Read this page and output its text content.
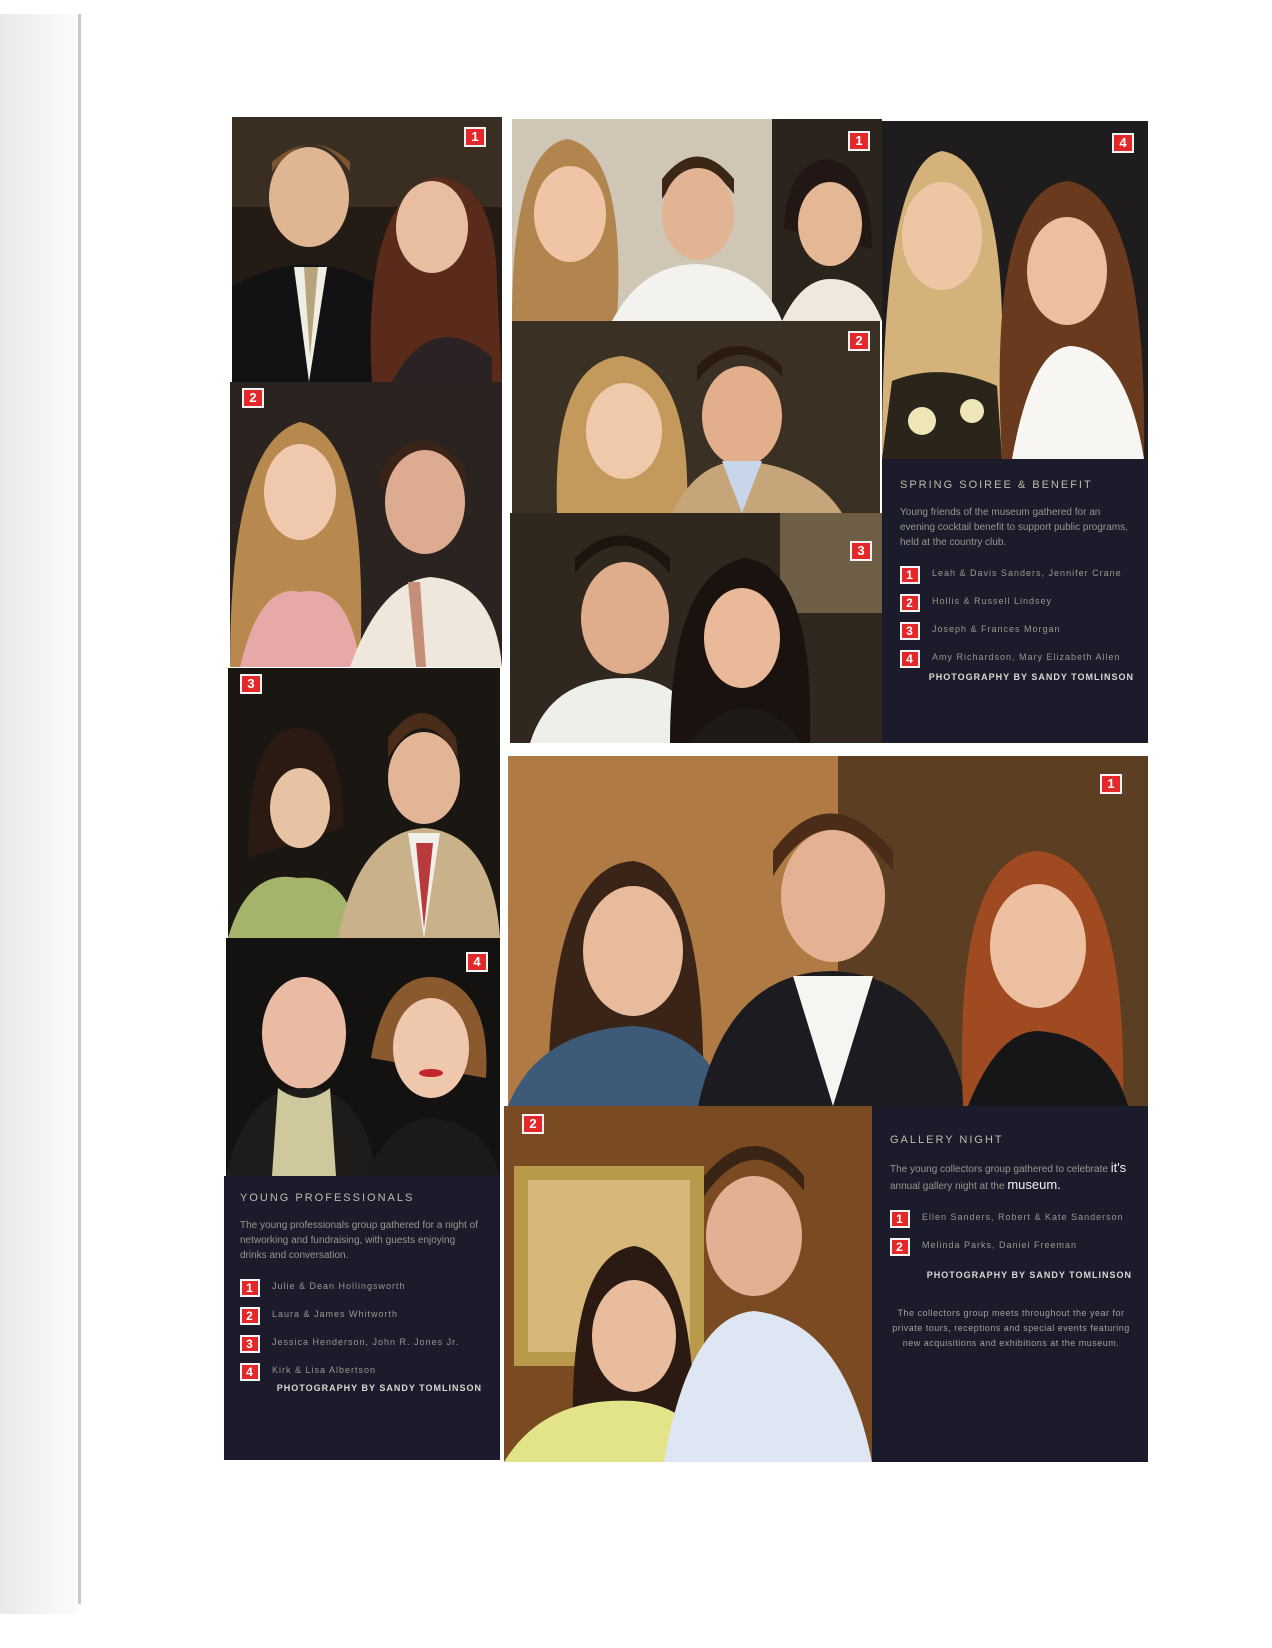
1
2
3
4
YOUNG PROFESSIONALS
The young professionals group gathered for a night of networking and fundraising, with guests enjoying drinks and conversation.
1	Julie & Dean Hollingsworth
2	Laura & James Whitworth
3	Jessica Henderson, John R. Jones Jr.
4	Kirk & Lisa Albertson
PHOTOGRAPHY BY SANDY TOMLINSON
1
2
3
4
SPRING SOIREE & BENEFIT
Young friends of the museum gathered for an evening cocktail benefit to support public programs, held at the country club.
1	Leah & Davis Sanders, Jennifer Crane
2	Hollis & Russell Lindsey
3	Joseph & Frances Morgan
4	Amy Richardson, Mary Elizabeth Allen
PHOTOGRAPHY BY SANDY TOMLINSON
1
2
GALLERY NIGHT
The young collectors group gathered to celebrate it's annual gallery night at the museum.
1	Ellen Sanders, Robert & Kate Sanderson
2	Melinda Parks, Daniel Freeman
PHOTOGRAPHY BY SANDY TOMLINSON
The collectors group meets throughout the year for private tours, receptions and special events featuring new acquisitions and exhibitions at the museum.
